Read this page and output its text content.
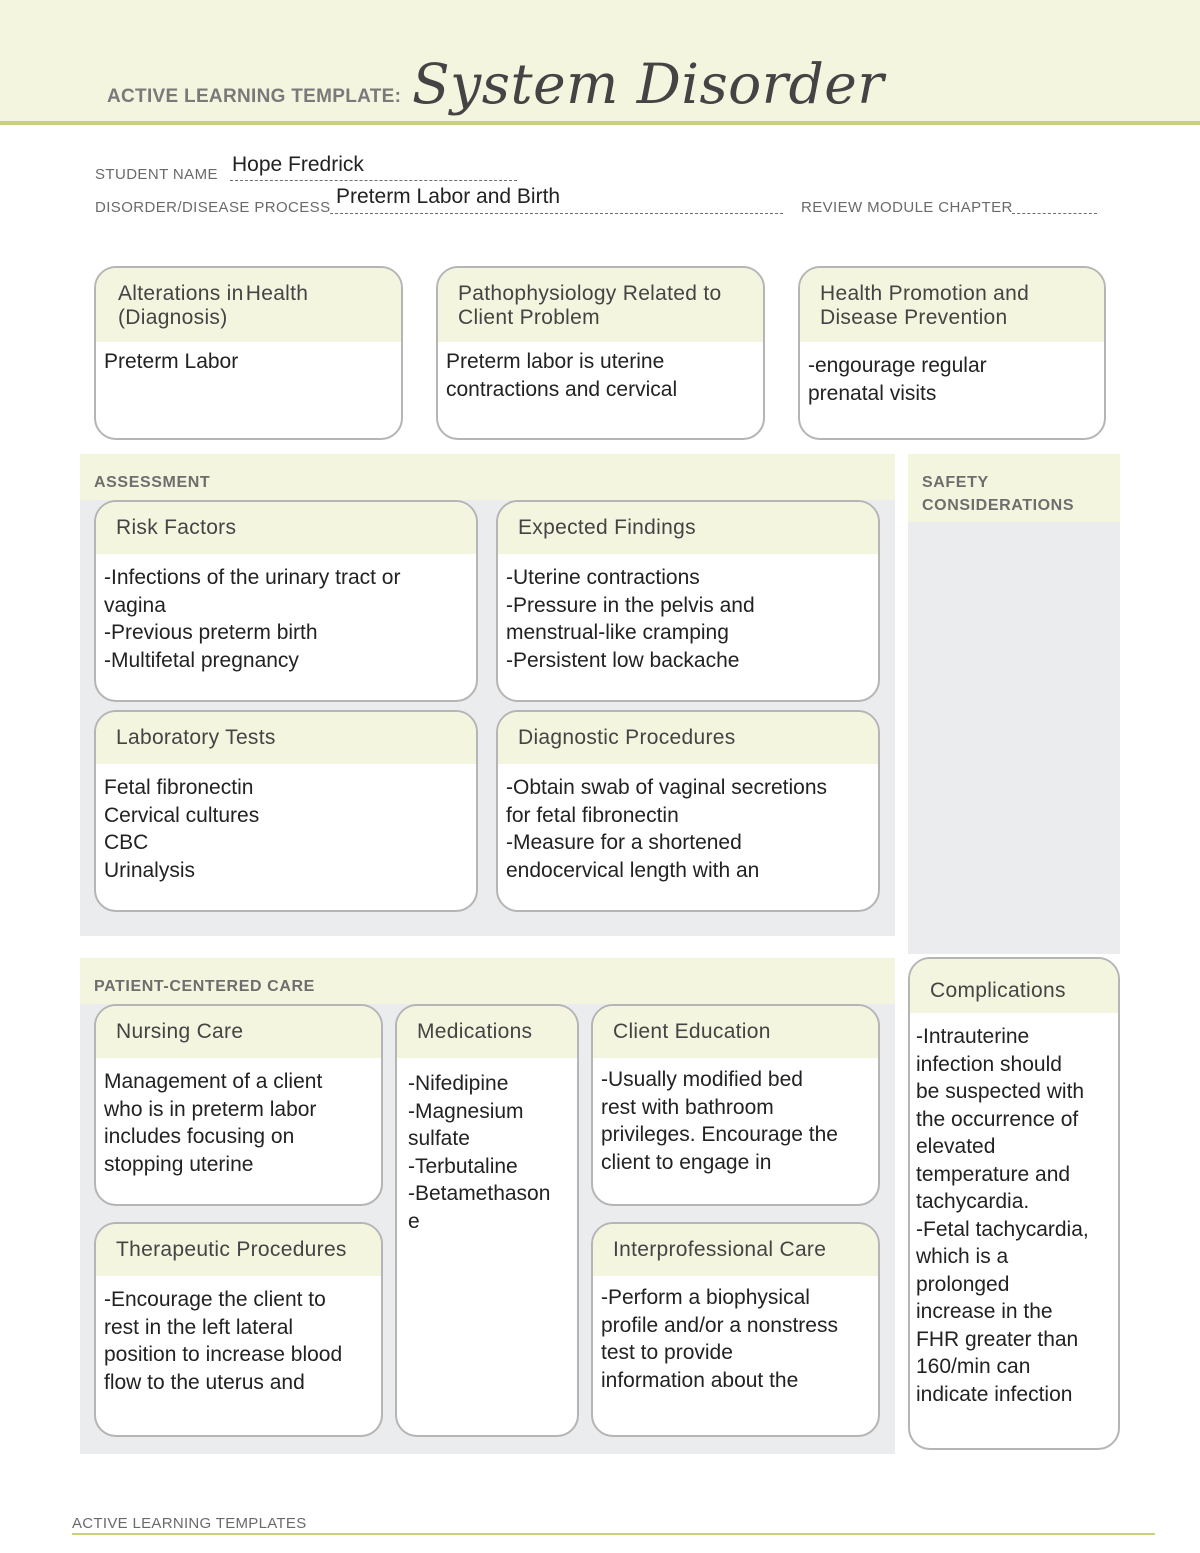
ACTIVE LEARNING TEMPLATE: System Disorder
STUDENT NAME Hope Fredrick
DISORDER/DISEASE PROCESS Preterm Labor and Birth	REVIEW MODULE CHAPTER
Alterations in Health (Diagnosis)
Preterm Labor
Pathophysiology Related to Client Problem
Preterm labor is uterine
contractions and cervical
Health Promotion and Disease Prevention
-engourage regular
prenatal visits
ASSESSMENT
Risk Factors
-Infections of the urinary tract or
vagina
-Previous preterm birth
-Multifetal pregnancy
Expected Findings
-Uterine contractions
-Pressure in the pelvis and
menstrual-like cramping
-Persistent low backache
Laboratory Tests
Fetal fibronectin
Cervical cultures
CBC
Urinalysis
Diagnostic Procedures
-Obtain swab of vaginal secretions
for fetal fibronectin
-Measure for a shortened
endocervical length with an
SAFETY
CONSIDERATIONS
PATIENT-CENTERED CARE
Nursing Care
Management of a client
who is in preterm labor
includes focusing on
stopping uterine
Medications
-Nifedipine
-Magnesium
sulfate
-Terbutaline
-Betamethason
e
Client Education
-Usually modified bed
rest with bathroom
privileges. Encourage the
client to engage in
Therapeutic Procedures
-Encourage the client to
rest in the left lateral
position to increase blood
flow to the uterus and
Interprofessional Care
-Perform a biophysical
profile and/or a nonstress
test to provide
information about the
Complications
-Intrauterine
infection should
be suspected with
the occurrence of
elevated
temperature and
tachycardia.
-Fetal tachycardia,
which is a
prolonged
increase in the
FHR greater than
160/min can
indicate infection
ACTIVE LEARNING TEMPLATES
